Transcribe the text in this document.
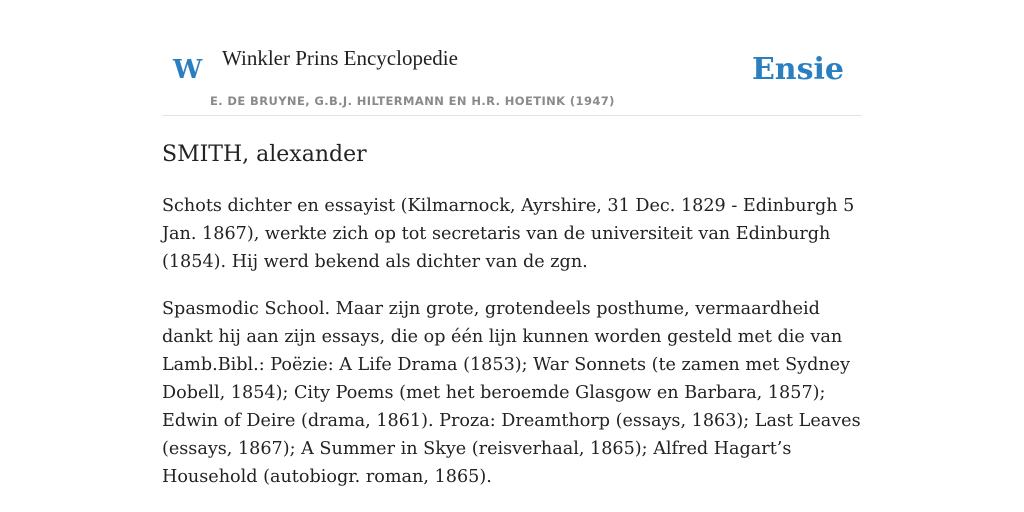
W Winkler Prins Encyclopedie
E. DE BRUYNE, G.B.J. HILTERMANN EN H.R. HOETINK (1947)
Ensie
SMITH, alexander

Schots dichter en essayist (Kilmarnock, Ayrshire, 31 Dec. 1829 - Edinburgh 5 Jan. 1867), werkte zich op tot secretaris van de universiteit van Edinburgh (1854). Hij werd bekend als dichter van de zgn.

Spasmodic School. Maar zijn grote, grotendeels posthume, vermaardheid dankt hij aan zijn essays, die op één lijn kunnen worden gesteld met die van Lamb.Bibl.: Poëzie: A Life Drama (1853); War Sonnets (te zamen met Sydney Dobell, 1854); City Poems (met het beroemde Glasgow en Barbara, 1857); Edwin of Deire (drama, 1861). Proza: Dreamthorp (essays, 1863); Last Leaves (essays, 1867); A Summer in Skye (reisverhaal, 1865); Alfred Hagart’s Household (autobiogr. roman, 1865).
